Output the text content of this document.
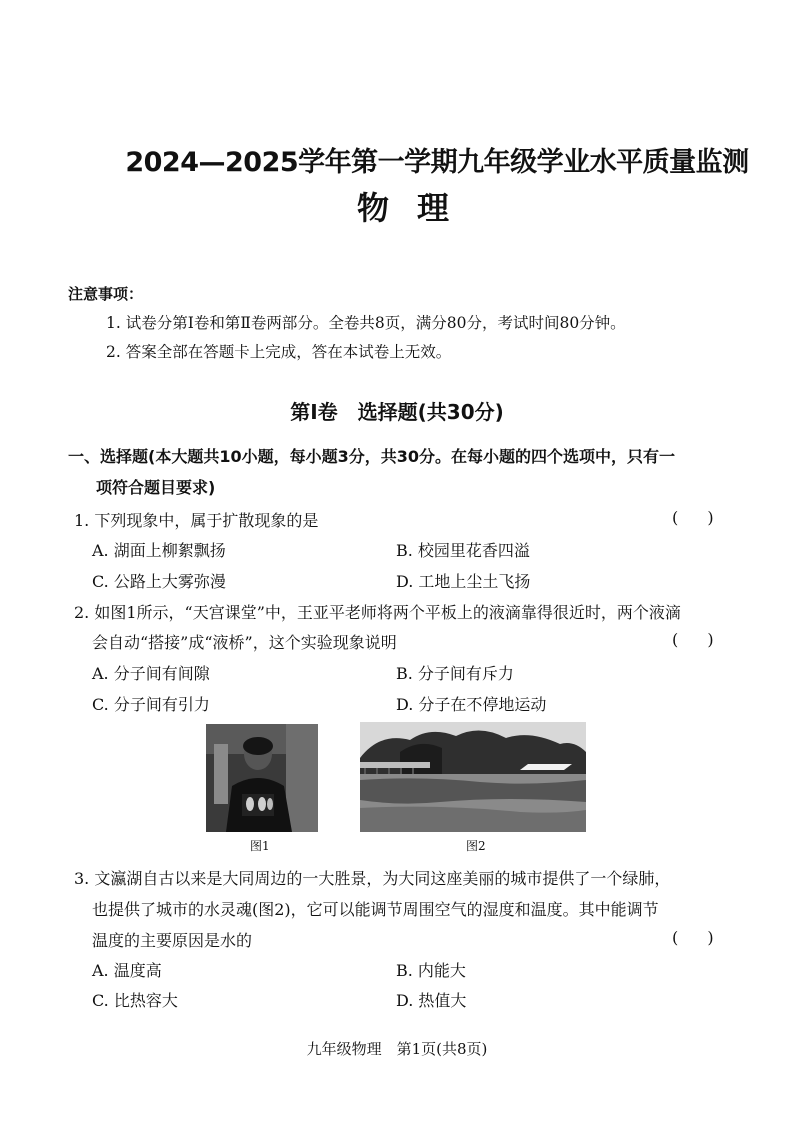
2024—2025学年第一学期九年级学业水平质量监测
物理
注意事项：
1. 试卷分第Ⅰ卷和第Ⅱ卷两部分。全卷共8页，满分80分，考试时间80分钟。
2. 答案全部在答题卡上完成，答在本试卷上无效。
第Ⅰ卷　选择题(共30分)
一、选择题(本大题共10小题，每小题3分，共30分。在每小题的四个选项中，只有一
项符合题目要求)
1. 下列现象中，属于扩散现象的是	( )
A. 湖面上柳絮飘扬	B. 校园里花香四溢
C. 公路上大雾弥漫	D. 工地上尘土飞扬
2. 如图1所示，“天宫课堂”中，王亚平老师将两个平板上的液滴靠得很近时，两个液滴
会自动“搭接”成“液桥”，这个实验现象说明	( )
A. 分子间有间隙	B. 分子间有斥力
C. 分子间有引力	D. 分子在不停地运动
图1	图2
3. 文瀛湖自古以来是大同周边的一大胜景，为大同这座美丽的城市提供了一个绿肺，
也提供了城市的水灵魂(图2)，它可以能调节周围空气的湿度和温度。其中能调节
温度的主要原因是水的	( )
A. 温度高	B. 内能大
C. 比热容大	D. 热值大
九年级物理　第1页(共8页)
